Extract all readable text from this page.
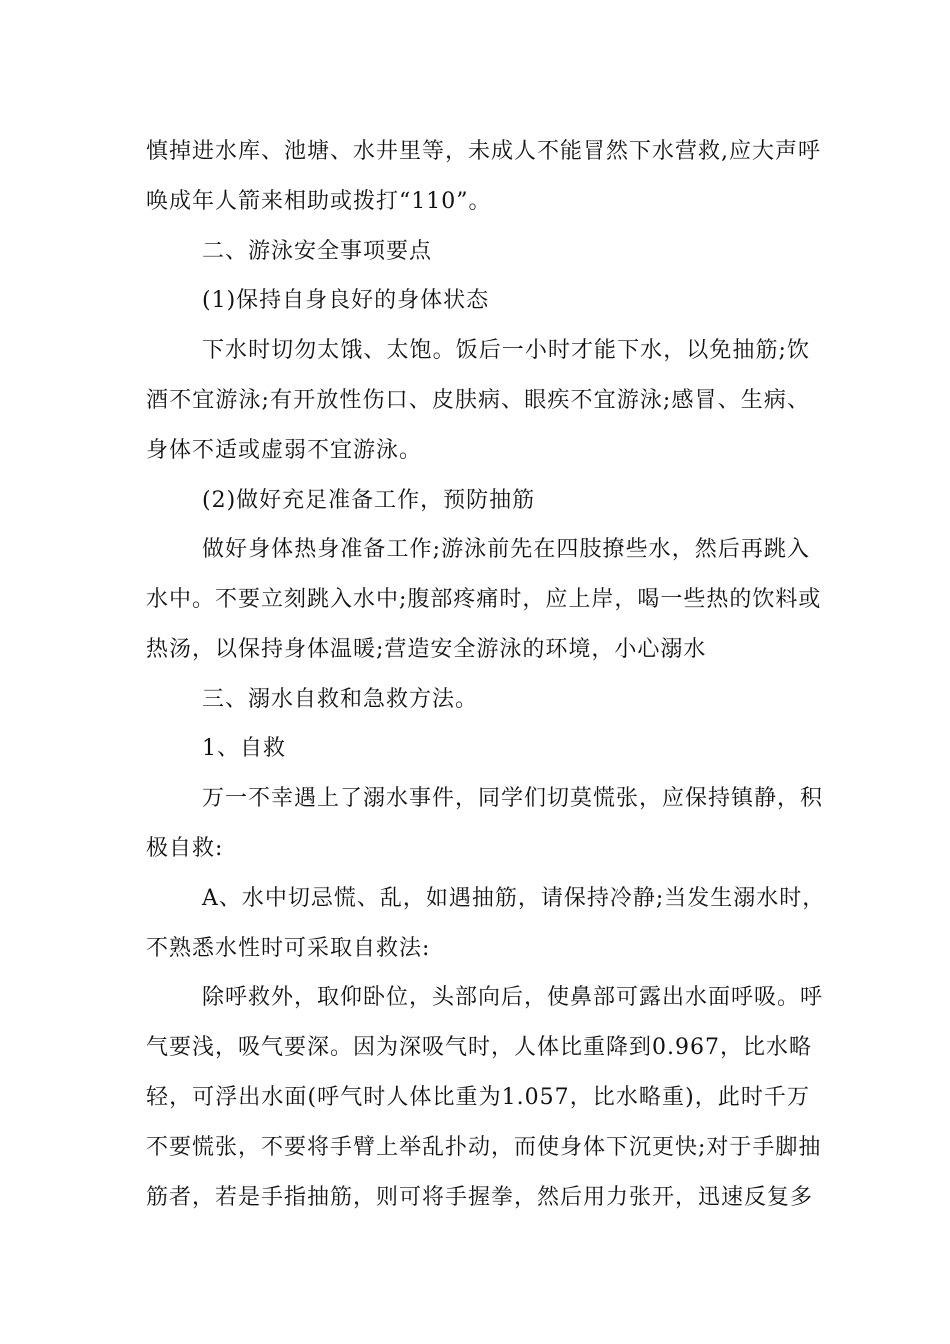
慎掉进水库、池塘、水井里等，未成人不能冒然下水营救,应大声呼
唤成年人箭来相助或拨打“110”。
二、游泳安全事项要点
(1)保持自身良好的身体状态
下水时切勿太饿、太饱。饭后一小时才能下水，以免抽筋;饮
酒不宜游泳;有开放性伤口、皮肤病、眼疾不宜游泳;感冒、生病、
身体不适或虚弱不宜游泳。
(2)做好充足准备工作，预防抽筋
做好身体热身准备工作;游泳前先在四肢撩些水，然后再跳入
水中。不要立刻跳入水中;腹部疼痛时，应上岸，喝一些热的饮料或
热汤，以保持身体温暖;营造安全游泳的环境，小心溺水
三、溺水自救和急救方法。
1、自救
万一不幸遇上了溺水事件，同学们切莫慌张，应保持镇静，积
极自救:
A、水中切忌慌、乱，如遇抽筋，请保持冷静;当发生溺水时，
不熟悉水性时可采取自救法:
除呼救外，取仰卧位，头部向后，使鼻部可露出水面呼吸。呼
气要浅，吸气要深。因为深吸气时，人体比重降到0.967，比水略
轻，可浮出水面(呼气时人体比重为1.057，比水略重)，此时千万
不要慌张，不要将手臂上举乱扑动，而使身体下沉更快;对于手脚抽
筋者，若是手指抽筋，则可将手握拳，然后用力张开，迅速反复多
